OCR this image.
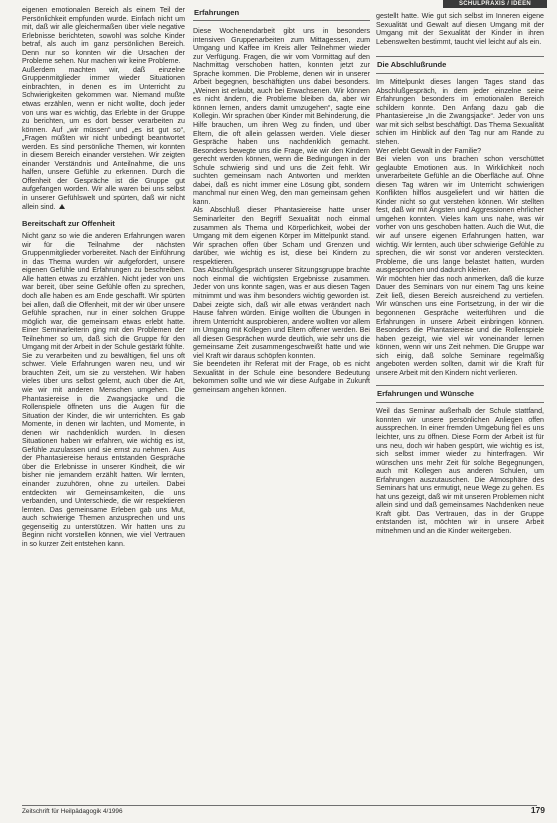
SCHULPRAXIS / IDEEN

eigenen emotionalen Bereich als einem Teil der Persönlichkeit empfunden wurde. Einfach nicht um mit, daß wir alle gleichermaßen über viele negative Erlebnisse berichteten, sowohl was solche Kinder betraf, als auch im ganz persönlichen Bereich. Denn nur so konnten wir die Ursachen der Probleme sehen. Nur machen wir keine Probleme.

Außerdem machten wir, daß einzelne Gruppenmitglieder immer wieder Situationen einbrachten, in denen es im Unterricht zu Schwierigkeiten gekommen war. Niemand mußte etwas erzählen, wenn er nicht wollte, doch jeder von uns war es wichtig, das Erlebte in der Gruppe zu berichten, um es dort besser verarbeiten zu können. Auf „wir müssen“ und „es ist gut so“, „Fragen müßten wir nicht unbedingt beantwortet werden. Es sind persönliche Themen, wir konnten in diesem Bereich einander verstehen. Wir zeigten einander Verständnis und Anteilnahme, die uns halfen, unsere Gefühle zu erkennen. Durch die Offenheit der Gespräche ist die Gruppe gut aufgefangen worden. Wir alle waren bei uns selbst in unserer Gefühlswelt und spürten, daß wir nicht allein sind.

Bereitschaft zur Offenheit

Nicht ganz so wie die anderen Erfahrungen waren wir für die Teilnahme der nächsten Gruppenmitglieder vorbereitet. Nach der Einführung in das Thema wurden wir aufgefordert, unsere eigenen Gefühle und Erfahrungen zu beschreiben. Alle hatten etwas zu erzählen. Nicht jeder von uns war bereit, über seine Gefühle offen zu sprechen, doch alle haben es am Ende geschafft. Wir spürten bei allen, daß die Offenheit, mit der wir über unsere Gefühle sprachen, nur in einer solchen Gruppe möglich war, die gemeinsam etwas erlebt hatte. Einer Seminarleiterin ging mit den Problemen der Teilnehmer so um, daß sich die Gruppe für den Umgang mit der Arbeit in der Schule gestärkt fühlte.

Sie zu verarbeiten und zu bewältigen, fiel uns oft schwer. Viele Erfahrungen waren neu, und wir brauchten Zeit, um sie zu verstehen. Wir haben vieles über uns selbst gelernt, auch über die Art, wie wir mit anderen Menschen umgehen. Die Phantasiereise in die Zwangsjacke und die Rollenspiele öffneten uns die Augen für die Situation der Kinder, die wir unterrichten. Es gab Momente, in denen wir lachten, und Momente, in denen wir nachdenklich wurden. In diesen Situationen haben wir erfahren, wie wichtig es ist, Gefühle zuzulassen und sie ernst zu nehmen. Aus der Phantasiereise heraus entstanden Gespräche über die Erlebnisse in unserer Kindheit, die wir bisher nie jemandem erzählt hatten. Wir lernten, einander zuzuhören, ohne zu urteilen. Dabei entdeckten wir Gemeinsamkeiten, die uns verbanden, und Unterschiede, die wir respektieren lernten. Das gemeinsame Erleben gab uns Mut, auch schwierige Themen anzusprechen und uns gegenseitig zu unterstützen. Wir hatten uns zu Beginn nicht vorstellen können, wie viel Vertrauen in so kurzer Zeit entstehen kann.

Erfahrungen

Diese Wochenendarbeit gibt uns in besonders intensiven Gruppenarbeiten zum Mittagessen, zum Umgang und Kaffee im Kreis aller Teilnehmer wieder zur Verfügung. Fragen, die wir vom Vormittag auf den Nachmittag verschoben hatten, konnten jetzt zur Sprache kommen. Die Probleme, denen wir in unserer Arbeit begegnen, beschäftigten uns dabei besonders. „Weinen ist erlaubt, auch bei Erwachsenen. Wir können es nicht ändern, die Probleme bleiben da, aber wir können lernen, anders damit umzugehen“, sagte eine Kollegin. Wir sprachen über Kinder mit Behinderung, die Hilfe brauchen, um ihren Weg zu finden, und über Eltern, die oft allein gelassen werden. Viele dieser Gespräche haben uns nachdenklich gemacht. Besonders bewegte uns die Frage, wie wir den Kindern gerecht werden können, wenn die Bedingungen in der Schule schwierig sind und uns die Zeit fehlt. Wir suchten gemeinsam nach Antworten und merkten dabei, daß es nicht immer eine Lösung gibt, sondern manchmal nur einen Weg, den man gemeinsam gehen kann.

Als Abschluß dieser Phantasiereise hatte unser Seminarleiter den Begriff Sexualität noch einmal zusammen als Thema und Körperlichkeit, wobei der Umgang mit dem eigenen Körper im Mittelpunkt stand. Wir sprachen offen über Scham und Grenzen und darüber, wie wichtig es ist, diese bei Kindern zu respektieren.

Das Abschlußgespräch unserer Sitzungsgruppe brachte noch einmal die wichtigsten Ergebnisse zusammen. Jeder von uns konnte sagen, was er aus diesen Tagen mitnimmt und was ihm besonders wichtig geworden ist. Dabei zeigte sich, daß wir alle etwas verändert nach Hause fahren würden. Einige wollten die Übungen in ihrem Unterricht ausprobieren, andere wollten vor allem im Umgang mit Kollegen und Eltern offener werden. Bei all diesen Gesprächen wurde deutlich, wie sehr uns die gemeinsame Zeit zusammengeschweißt hatte und wie viel Kraft wir daraus schöpfen konnten.

Sie beendeten ihr Referat mit der Frage, ob es nicht Sexualität in der Schule eine besondere Bedeutung bekommen sollte und wie wir diese Aufgabe in Zukunft gemeinsam angehen können.

gestellt hatte. Wie gut sich selbst im Inneren eigene Sexualität und Gewalt auf diesen Umgang mit der Umgang mit der Sexualität der Kinder in ihren Lebenswelten bestimmt, taucht viel leicht auf als ein.

Die Abschlußrunde

Im Mittelpunkt dieses langen Tages stand das Abschlußgespräch, in dem jeder einzelne seine Erfahrungen besonders im emotionalen Bereich schildern konnte. Den Anfang dazu gab die Phantasiereise „In die Zwangsjacke“. Jeder von uns war mit sich selbst beschäftigt. Das Thema Sexualität schien im Hinblick auf den Tag nur am Rande zu stehen.

Wer erlebt Gewalt in der Familie?

Bei vielen von uns brachen schon verschüttet geglaubte Emotionen aus. In Wirklichkeit noch unverarbeitete Gefühle an die Oberfläche auf. Ohne diesen Tag wären wir im Unterricht schwierigen Konflikten hilflos ausgeliefert und wir hätten die Kinder nicht so gut verstehen können. Wir stellten fest, daß wir mit Ängsten und Aggressionen ehrlicher umgehen konnten. Vieles kam uns nahe, was wir vorher von uns geschoben hatten. Auch die Wut, die wir auf unsere eigenen Erfahrungen hatten, war wichtig. Wir lernten, auch über schwierige Gefühle zu sprechen, die wir sonst vor anderen versteckten. Probleme, die uns lange belastet hatten, wurden ausgesprochen und dadurch kleiner.

Wir möchten hier das noch anmerken, daß die kurze Dauer des Seminars von nur einem Tag uns keine Zeit ließ, diesen Bereich ausreichend zu vertiefen. Wir wünschen uns eine Fortsetzung, in der wir die begonnenen Gespräche weiterführen und die Erfahrungen in unsere Arbeit einbringen können. Besonders die Phantasiereise und die Rollenspiele haben gezeigt, wie viel wir voneinander lernen können, wenn wir uns Zeit nehmen. Die Gruppe war sich einig, daß solche Seminare regelmäßig angeboten werden sollten, damit wir die Kraft für unsere Arbeit mit den Kindern nicht verlieren.

Erfahrungen und Wünsche

Weil das Seminar außerhalb der Schule stattfand, konnten wir unsere persönlichen Anliegen offen aussprechen. In einer fremden Umgebung fiel es uns leichter, uns zu öffnen. Diese Form der Arbeit ist für uns neu, doch wir haben gespürt, wie wichtig es ist, sich selbst immer wieder zu hinterfragen. Wir wünschen uns mehr Zeit für solche Begegnungen, auch mit Kollegen aus anderen Schulen, um Erfahrungen auszutauschen. Die Atmosphäre des Seminars hat uns ermutigt, neue Wege zu gehen. Es hat uns gezeigt, daß wir mit unseren Problemen nicht allein sind und daß gemeinsames Nachdenken neue Kraft gibt. Das Vertrauen, das in der Gruppe entstanden ist, möchten wir in unsere Arbeit mitnehmen und an die Kinder weitergeben.

Zeitschrift für Heilpädagogik 4/1996	179
